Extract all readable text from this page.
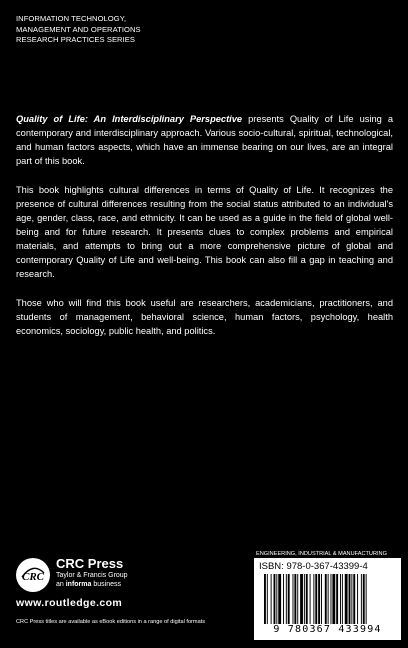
INFORMATION TECHNOLOGY,
MANAGEMENT AND OPERATIONS
RESEARCH PRACTICES SERIES

Quality of Life: An Interdisciplinary Perspective presents Quality of Life using a contemporary and interdisciplinary approach. Various socio-cultural, spiritual, technological, and human factors aspects, which have an immense bearing on our lives, are an integral part of this book.

This book highlights cultural differences in terms of Quality of Life. It recognizes the presence of cultural differences resulting from the social status attributed to an individual's age, gender, class, race, and ethnicity. It can be used as a guide in the field of global well-being and for future research. It presents clues to complex problems and empirical materials, and attempts to bring out a more comprehensive picture of global and contemporary Quality of Life and well-being. This book can also fill a gap in teaching and research.

Those who will find this book useful are researchers, academicians, practitioners, and students of management, behavioral science, human factors, psychology, health economics, sociology, public health, and politics.

CRC
CRC Press
Taylor & Francis Group
an informa business
www.routledge.com
CRC Press titles are available as eBook editions in a range of digital formats
ENGINEERING, INDUSTRIAL & MANUFACTURING
ISBN: 978-0-367-43399-4
9 780367 433994
